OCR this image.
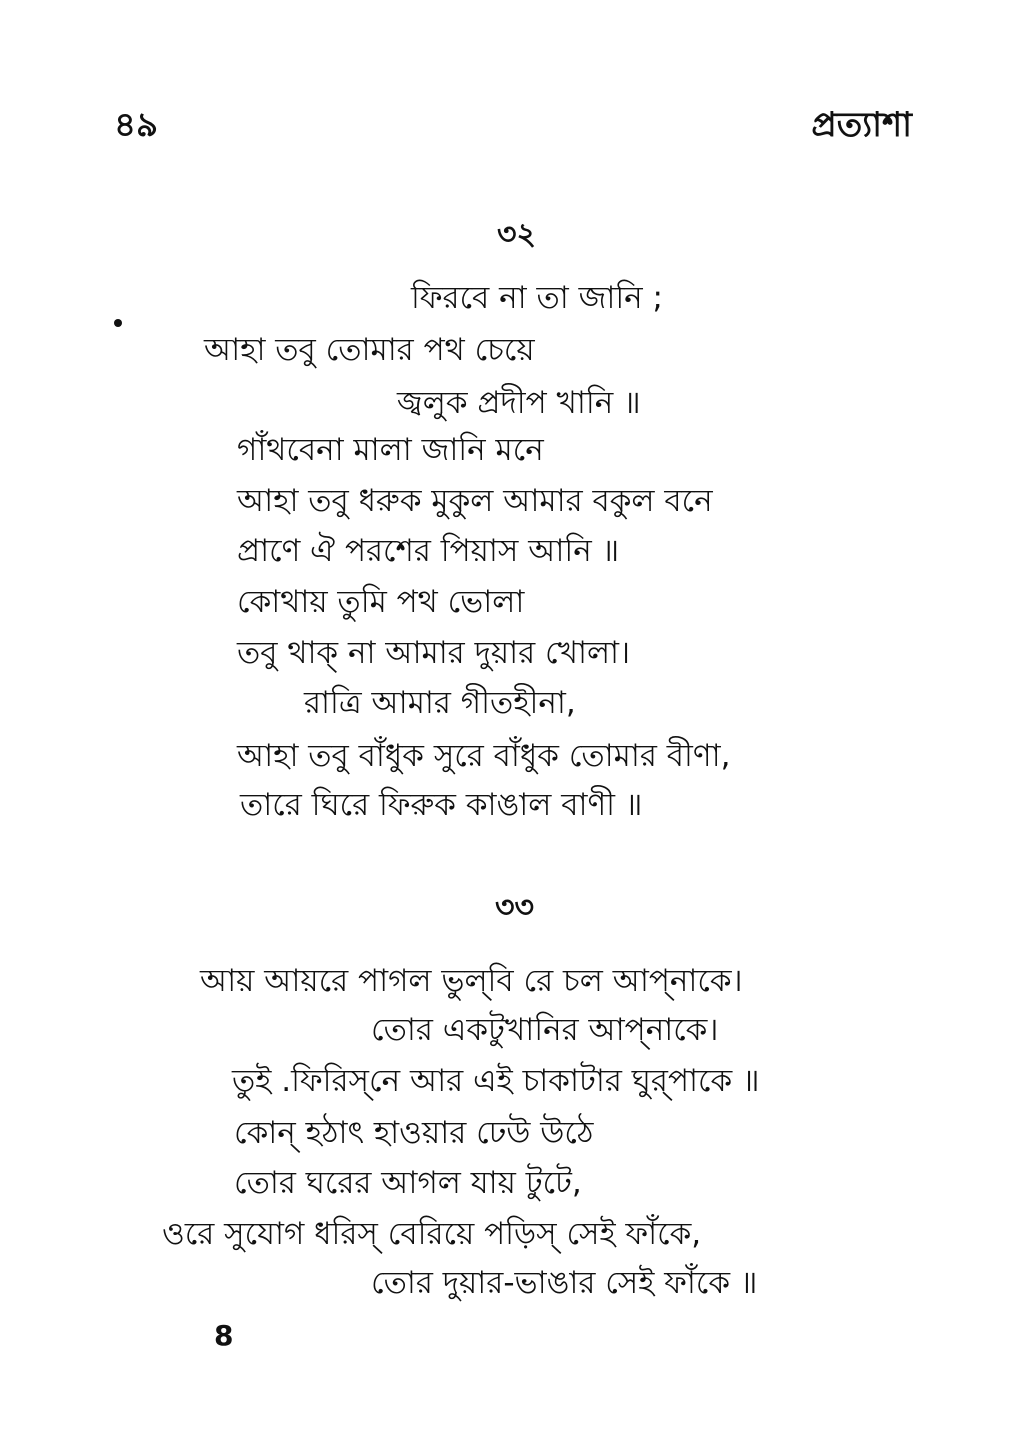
৪৯	প্রত্যাশা
৩২
ফিরবে না তা জানি ;
আহা তবু তোমার পথ চেয়ে
জ্বলুক প্রদীপ খানি ॥
গাঁথবেনা মালা জানি মনে
আহা তবু ধরুক মুকুল আমার বকুল বনে
প্রাণে ঐ পরশের পিয়াস আনি ॥
কোথায় তুমি পথ ভোলা
তবু থাক্‌ না আমার দুয়ার খোলা।
রাত্রি আমার গীতহীনা,
আহা তবু বাঁধুক সুরে বাঁধুক তোমার বীণা,
তারে ঘিরে ফিরুক কাঙাল বাণী ॥
৩৩
আয় আয়রে পাগল ভুল্‌বি রে চল আপ্‌নাকে।
তোর একটুখানির আপ্‌নাকে।
তুই .ফিরিস্‌নে আর এই চাকাটার ঘুর্‌পাকে ॥
কোন্‌ হঠাৎ হাওয়ার ঢেউ উঠে
তোর ঘরের আগল যায় টুটে,
ওরে সুযোগ ধরিস্‌ বেরিয়ে পড়িস্‌ সেই ফাঁকে,
তোর দুয়ার-ভাঙার সেই ফাঁকে ॥
8
